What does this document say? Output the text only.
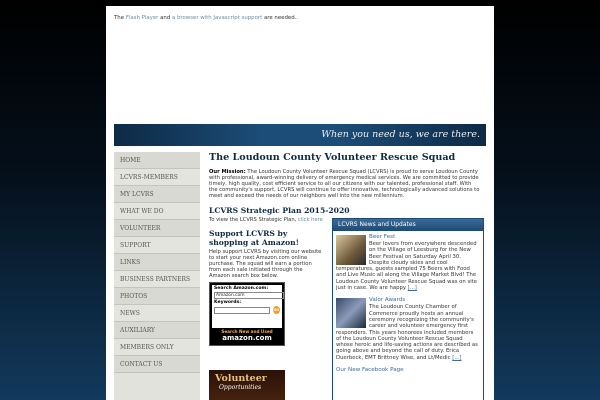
The Flash Player and a browser with Javascript support are needed..
When you need us, we are there.
HOME
LCVRS-MEMBERS
MY LCVRS
WHAT WE DO
VOLUNTEER
SUPPORT
LINKS
BUSINESS PARTNERS
PHOTOS
NEWS
AUXILIARY
MEMBERS ONLY
CONTACT US
The Loudoun County Volunteer Rescue Squad
Our Mission: The Loudoun County Volunteer Rescue Squad (LCVRS) is proud to serve Loudoun County with professional, award-winning delivery of emergency medical services. We are committed to provide timely, high quality, cost efficient service to all our citizens with our talented, professional staff. With the community's support, LCVRS will continue to offer innovative, technologically advanced solutions to meet and exceed the needs of our neighbors well into the new millennium.
LCVRS Strategic Plan 2015-2020
To view the LCVRS Strategic Plan, click here
Support LCVRS by shopping at Amazon!
Help support LCVRS by visiting our website to start your next Amazon.com online purchase. The squad will earn a portion from each sale initiated through the Amazon search box below.
Search Amazon.com:
Amazon.com
Keywords:
GO
Search New and Used
amazon.com
Volunteer
Opportunities
LCVRS News and Updates
Beer Fest
Beer lovers from everywhere descended on the Village of Leesburg for the New Beer Festival on Saturday April 30. Despite cloudy skies and cool temperatures, guests sampled 75 Beers with Food and Live Music all along the Village Market Blvd! The Loudoun County Volunteer Rescue Squad was on site just in case. We are happy [...]
Valor Awards
The Loudoun County Chamber of Commerce proudly hosts an annual ceremony recognizing the community's career and volunteer emergency first responders. This years honorees included members of the Loudoun County Volunteer Rescue Squad whose heroic and life-saving actions are described as going above and beyond the call of duty. Erica Duerbeck, EMT Brittney Wise, and Lt/Medic [...]
Our New Facebook Page
